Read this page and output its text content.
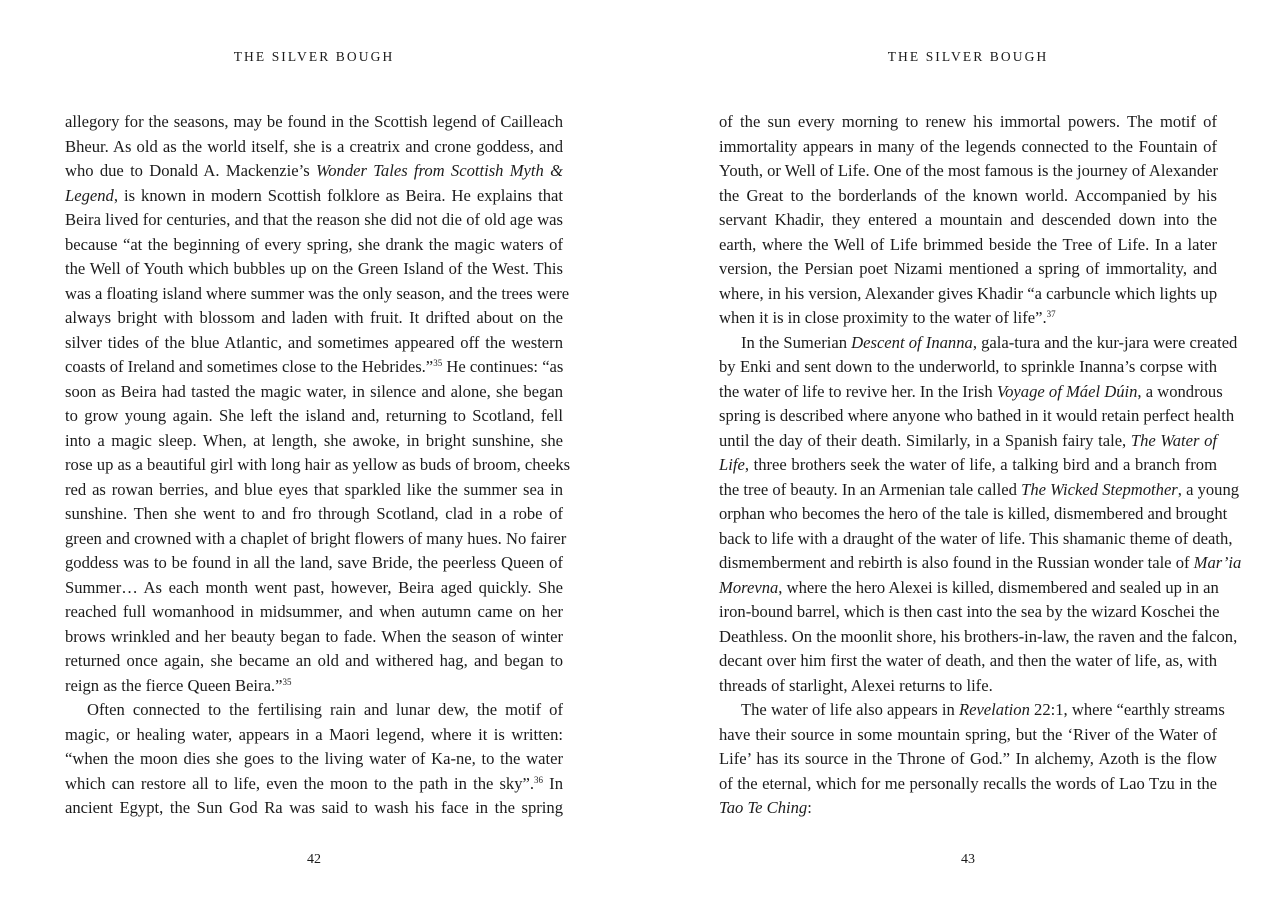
THE SILVER BOUGH
allegory for the seasons, may be found in the Scottish legend of Cailleach
Bheur. As old as the world itself, she is a creatrix and crone goddess, and
who due to Donald A. Mackenzie’s Wonder Tales from Scottish Myth &
Legend, is known in modern Scottish folklore as Beira. He explains that
Beira lived for centuries, and that the reason she did not die of old age was
because “at the beginning of every spring, she drank the magic waters of
the Well of Youth which bubbles up on the Green Island of the West. This
was a floating island where summer was the only season, and the trees were
always bright with blossom and laden with fruit. It drifted about on the
silver tides of the blue Atlantic, and sometimes appeared off the western
coasts of Ireland and sometimes close to the Hebrides.”$^{35}$ He continues: “as
soon as Beira had tasted the magic water, in silence and alone, she began
to grow young again. She left the island and, returning to Scotland, fell
into a magic sleep. When, at length, she awoke, in bright sunshine, she
rose up as a beautiful girl with long hair as yellow as buds of broom, cheeks
red as rowan berries, and blue eyes that sparkled like the summer sea in
sunshine. Then she went to and fro through Scotland, clad in a robe of
green and crowned with a chaplet of bright flowers of many hues. No fairer
goddess was to be found in all the land, save Bride, the peerless Queen of
Summer… As each month went past, however, Beira aged quickly. She
reached full womanhood in midsummer, and when autumn came on her
brows wrinkled and her beauty began to fade. When the season of winter
returned once again, she became an old and withered hag, and began to
reign as the fierce Queen Beira.”$^{35}$
Often connected to the fertilising rain and lunar dew, the motif of
magic, or healing water, appears in a Maori legend, where it is written:
“when the moon dies she goes to the living water of Ka-ne, to the water
which can restore all to life, even the moon to the path in the sky”.$^{36}$ In
ancient Egypt, the Sun God Ra was said to wash his face in the spring
42
THE SILVER BOUGH
of the sun every morning to renew his immortal powers. The motif of
immortality appears in many of the legends connected to the Fountain of
Youth, or Well of Life. One of the most famous is the journey of Alexander
the Great to the borderlands of the known world. Accompanied by his
servant Khadir, they entered a mountain and descended down into the
earth, where the Well of Life brimmed beside the Tree of Life. In a later
version, the Persian poet Nizami mentioned a spring of immortality, and
where, in his version, Alexander gives Khadir “a carbuncle which lights up
when it is in close proximity to the water of life”.$^{37}$
In the Sumerian Descent of Inanna, gala-tura and the kur-jara were created
by Enki and sent down to the underworld, to sprinkle Inanna’s corpse with
the water of life to revive her. In the Irish Voyage of Máel Dúin, a wondrous
spring is described where anyone who bathed in it would retain perfect health
until the day of their death. Similarly, in a Spanish fairy tale, The Water of
Life, three brothers seek the water of life, a talking bird and a branch from
the tree of beauty. In an Armenian tale called The Wicked Stepmother, a young
orphan who becomes the hero of the tale is killed, dismembered and brought
back to life with a draught of the water of life. This shamanic theme of death,
dismemberment and rebirth is also found in the Russian wonder tale of Mar’ia
Morevna, where the hero Alexei is killed, dismembered and sealed up in an
iron-bound barrel, which is then cast into the sea by the wizard Koschei the
Deathless. On the moonlit shore, his brothers-in-law, the raven and the falcon,
decant over him first the water of death, and then the water of life, as, with
threads of starlight, Alexei returns to life.
The water of life also appears in Revelation 22:1, where “earthly streams
have their source in some mountain spring, but the ‘River of the Water of
Life’ has its source in the Throne of God.” In alchemy, Azoth is the flow
of the eternal, which for me personally recalls the words of Lao Tzu in the
Tao Te Ching:
43
